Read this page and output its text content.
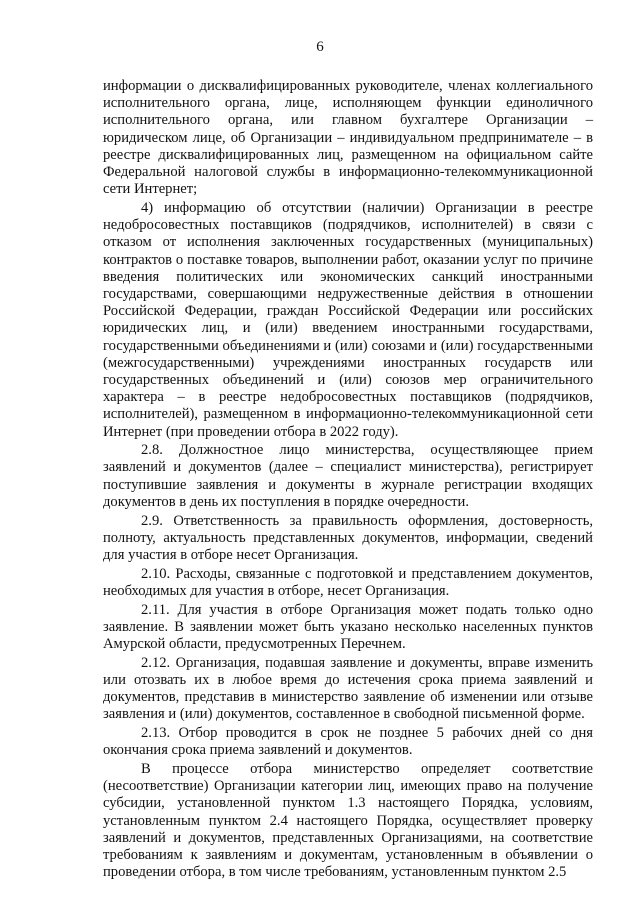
6

информации о дисквалифицированных руководителе, членах коллегиального исполнительного органа, лице, исполняющем функции единоличного исполнительного органа, или главном бухгалтере Организации – юридическом лице, об Организации – индивидуальном предпринимателе – в реестре дисквалифицированных лиц, размещенном на официальном сайте Федеральной налоговой службы в информационно-телекоммуникационной сети Интернет;

4) информацию об отсутствии (наличии) Организации в реестре недобросовестных поставщиков (подрядчиков, исполнителей) в связи с отказом от исполнения заключенных государственных (муниципальных) контрактов о поставке товаров, выполнении работ, оказании услуг по причине введения политических или экономических санкций иностранными государствами, совершающими недружественные действия в отношении Российской Федерации, граждан Российской Федерации или российских юридических лиц, и (или) введением иностранными государствами, государственными объединениями и (или) союзами и (или) государственными (межгосударственными) учреждениями иностранных государств или государственных объединений и (или) союзов мер ограничительного характера – в реестре недобросовестных поставщиков (подрядчиков, исполнителей), размещенном в информационно-телекоммуникационной сети Интернет (при проведении отбора в 2022 году).

2.8. Должностное лицо министерства, осуществляющее прием заявлений и документов (далее – специалист министерства), регистрирует поступившие заявления и документы в журнале регистрации входящих документов в день их поступления в порядке очередности.

2.9. Ответственность за правильность оформления, достоверность, полноту, актуальность представленных документов, информации, сведений для участия в отборе несет Организация.

2.10. Расходы, связанные с подготовкой и представлением документов, необходимых для участия в отборе, несет Организация.

2.11. Для участия в отборе Организация может подать только одно заявление. В заявлении может быть указано несколько населенных пунктов Амурской области, предусмотренных Перечнем.

2.12. Организация, подавшая заявление и документы, вправе изменить или отозвать их в любое время до истечения срока приема заявлений и документов, представив в министерство заявление об изменении или отзыве заявления и (или) документов, составленное в свободной письменной форме.

2.13. Отбор проводится в срок не позднее 5 рабочих дней со дня окончания срока приема заявлений и документов.

В процессе отбора министерство определяет соответствие (несоответствие) Организации категории лиц, имеющих право на получение субсидии, установленной пунктом 1.3 настоящего Порядка, условиям, установленным пунктом 2.4 настоящего Порядка, осуществляет проверку заявлений и документов, представленных Организациями, на соответствие требованиям к заявлениям и документам, установленным в объявлении о проведении отбора, в том числе требованиям, установленным пунктом 2.5
